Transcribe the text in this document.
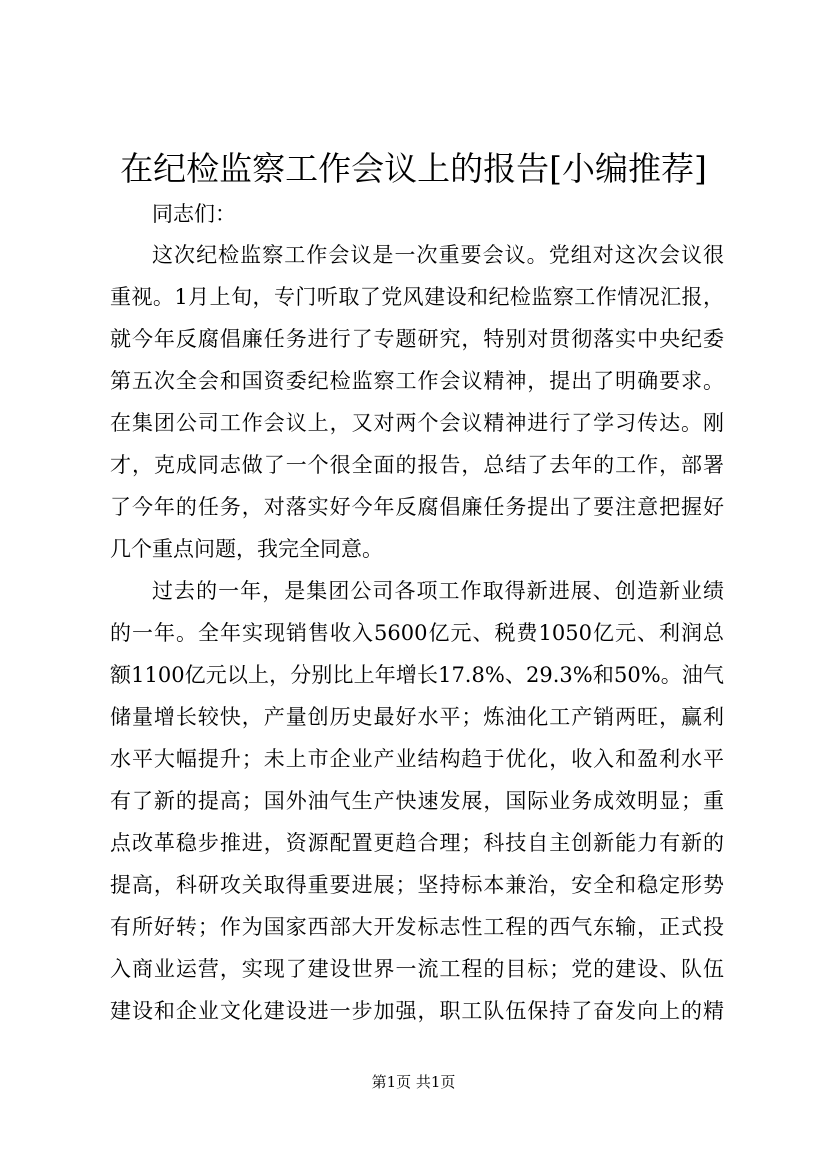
在纪检监察工作会议上的报告[小编推荐]
同志们：
这次纪检监察工作会议是一次重要会议。党组对这次会议很
重视。1月上旬，专门听取了党风建设和纪检监察工作情况汇报，
就今年反腐倡廉任务进行了专题研究，特别对贯彻落实中央纪委
第五次全会和国资委纪检监察工作会议精神，提出了明确要求。
在集团公司工作会议上，又对两个会议精神进行了学习传达。刚
才，克成同志做了一个很全面的报告，总结了去年的工作，部署
了今年的任务，对落实好今年反腐倡廉任务提出了要注意把握好
几个重点问题，我完全同意。
过去的一年，是集团公司各项工作取得新进展、创造新业绩
的一年。全年实现销售收入5600亿元、税费1050亿元、利润总
额1100亿元以上，分别比上年增长17.8%、29.3%和50%。油气
储量增长较快，产量创历史最好水平；炼油化工产销两旺，赢利
水平大幅提升；未上市企业产业结构趋于优化，收入和盈利水平
有了新的提高；国外油气生产快速发展，国际业务成效明显；重
点改革稳步推进，资源配置更趋合理；科技自主创新能力有新的
提高，科研攻关取得重要进展；坚持标本兼治，安全和稳定形势
有所好转；作为国家西部大开发标志性工程的西气东输，正式投
入商业运营，实现了建设世界一流工程的目标；党的建设、队伍
建设和企业文化建设进一步加强，职工队伍保持了奋发向上的精
第1页 共1页
